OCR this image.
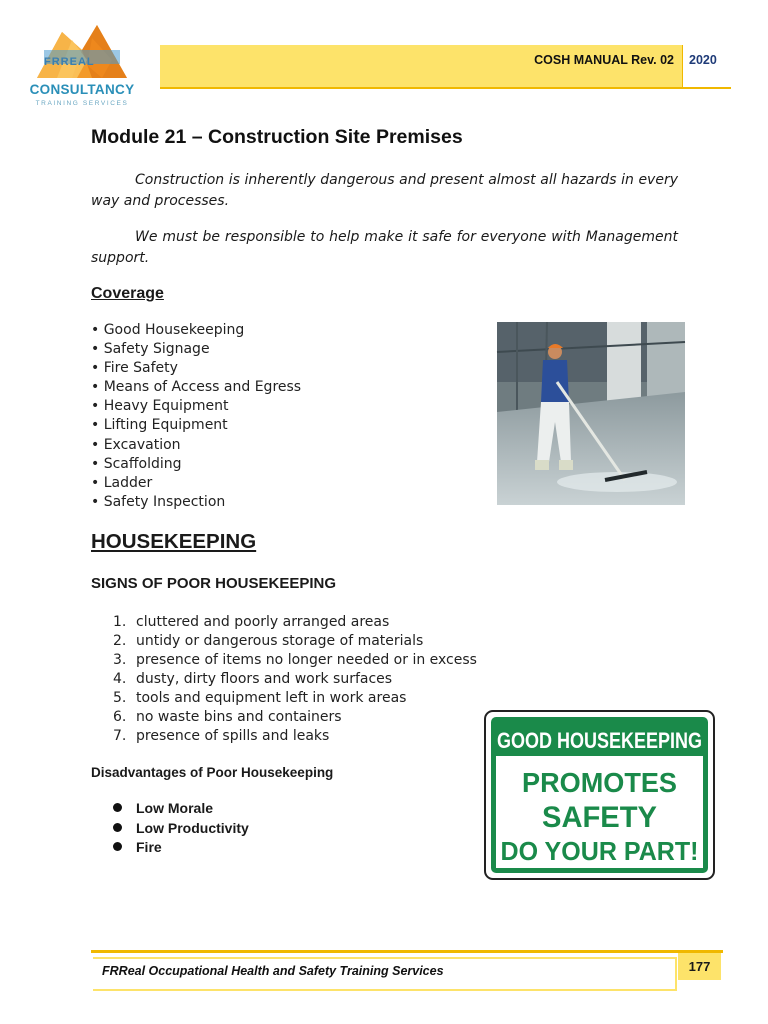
FRREAL
CONSULTANCY
TRAINING SERVICES
COSH MANUAL Rev. 02 2020
Module 21 – Construction Site Premises
Construction is inherently dangerous and present almost all hazards in every way and processes.
We must be responsible to help make it safe for everyone with Management support.
Coverage
• Good Housekeeping
• Safety Signage
• Fire Safety
• Means of Access and Egress
• Heavy Equipment
• Lifting Equipment
• Excavation
• Scaffolding
• Ladder
• Safety Inspection
HOUSEKEEPING
SIGNS OF POOR HOUSEKEEPING
1. cluttered and poorly arranged areas
2. untidy or dangerous storage of materials
3. presence of items no longer needed or in excess
4. dusty, dirty floors and work surfaces
5. tools and equipment left in work areas
6. no waste bins and containers
7. presence of spills and leaks
Disadvantages of Poor Housekeeping
Low Morale
Low Productivity
Fire
GOOD HOUSEKEEPING
PROMOTES
SAFETY
DO YOUR PART!
FRReal Occupational Health and Safety Training Services	177
